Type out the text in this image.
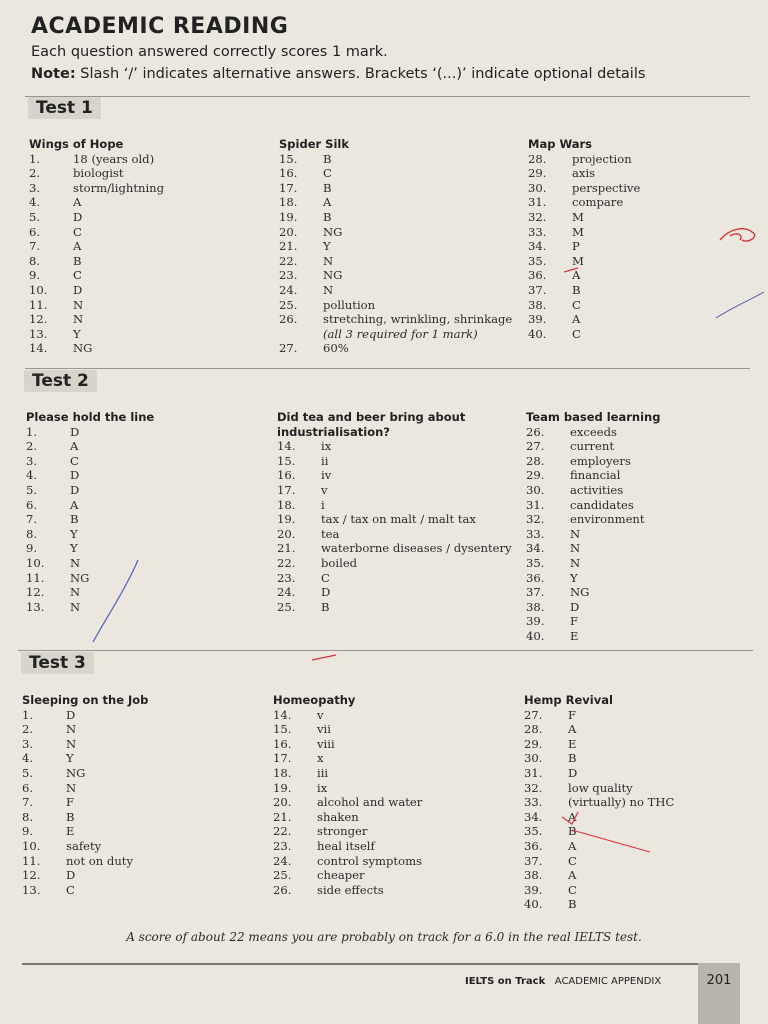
ACADEMIC READING
Each question answered correctly scores 1 mark.
Note: Slash ‘/’ indicates alternative answers. Brackets ‘(...)’ indicate optional details
Test 1
Test 2
Test 3
Wings of Hope
1.	18 (years old)
2.	biologist
3.	storm/lightning
4.	A
5.	D
6.	C
7.	A
8.	B
9.	C
10. D
11. N
12. N
13. Y
14. NG
Spider Silk
15. B
16. C
17. B
18. A
19. B
20. NG
21. Y
22. N
23. NG
24. N
25. pollution
26. stretching, wrinkling, shrinkage
(all 3 required for 1 mark)
27. 60%
Map Wars
28. projection
29. axis
30. perspective
31. compare
32. M
33. M
34. P
35. M
36. A
37. B
38. C
39. A
40. C
Please hold the line
1.	D
2.	A
3.	C
4.	D
5.	D
6.	A
7.	B
8.	Y
9.	Y
10. N
11. NG
12. N
13. N
Did tea and beer bring about
industrialisation?
14. ix
15. ii
16. iv
17. v
18. i
19. tax / tax on malt / malt tax
20. tea
21. waterborne diseases / dysentery
22. boiled
23. C
24. D
25. B
Team based learning
26. exceeds
27. current
28. employers
29. financial
30. activities
31. candidates
32. environment
33. N
34. N
35. N
36. Y
37. NG
38. D
39. F
40. E
Sleeping on the Job
1.	D
2.	N
3.	N
4.	Y
5.	NG
6.	N
7.	F
8.	B
9.	E
10. safety
11. not on duty
12. D
13. C
Homeopathy
14. v
15. vii
16. viii
17. x
18. iii
19. ix
20. alcohol and water
21. shaken
22. stronger
23. heal itself
24. control symptoms
25. cheaper
26. side effects
Hemp Revival
27. F
28. A
29. E
30. B
31. D
32. low quality
33. (virtually) no THC
34. A
35. B
36. A
37. C
38. A
39. C
40. B
A score of about 22 means you are probably on track for a 6.0 in the real IELTS test.
IELTS on Track ACADEMIC APPENDIX	201
